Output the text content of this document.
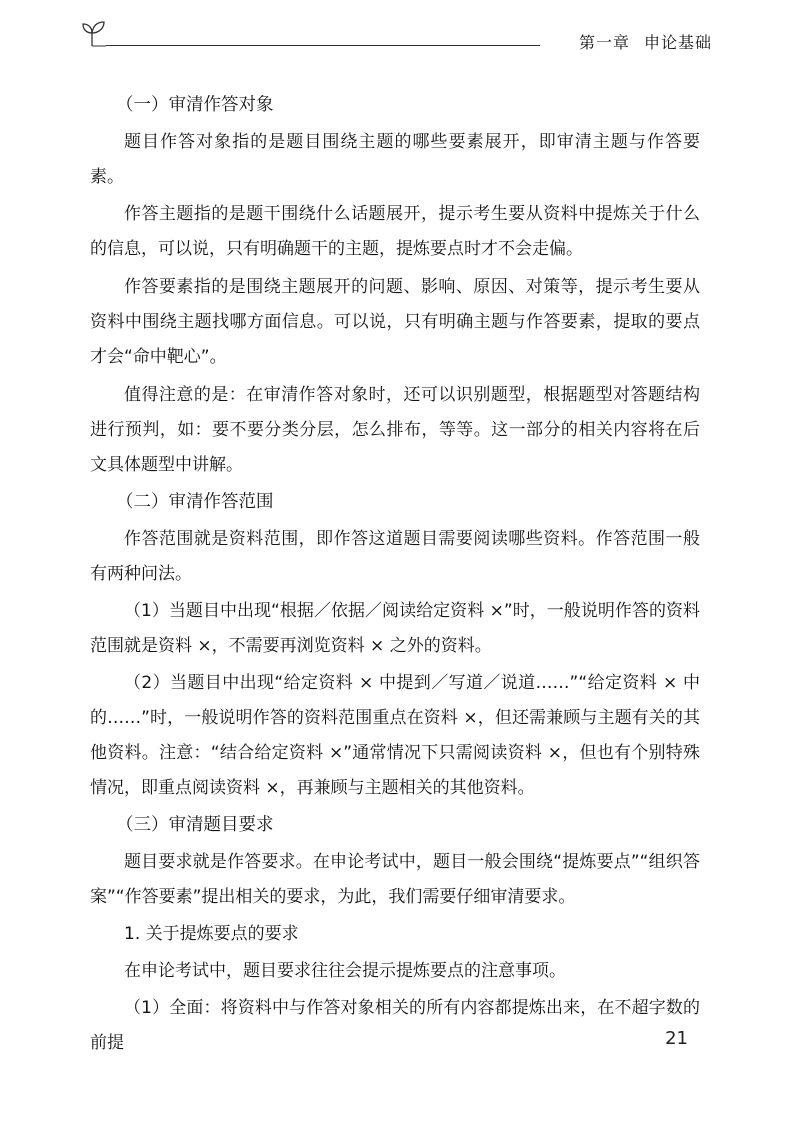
第一章 申论基础

（一）审清作答对象

题目作答对象指的是题目围绕主题的哪些要素展开，即审清主题与作答要素。

作答主题指的是题干围绕什么话题展开，提示考生要从资料中提炼关于什么的信息，可以说，只有明确题干的主题，提炼要点时才不会走偏。

作答要素指的是围绕主题展开的问题、影响、原因、对策等，提示考生要从资料中围绕主题找哪方面信息。可以说，只有明确主题与作答要素，提取的要点才会“命中靶心”。

值得注意的是：在审清作答对象时，还可以识别题型，根据题型对答题结构进行预判，如：要不要分类分层，怎么排布，等等。这一部分的相关内容将在后文具体题型中讲解。

（二）审清作答范围

作答范围就是资料范围，即作答这道题目需要阅读哪些资料。作答范围一般有两种问法。

（1）当题目中出现“根据／依据／阅读给定资料 ×”时，一般说明作答的资料范围就是资料 ×，不需要再浏览资料 × 之外的资料。

（2）当题目中出现“给定资料 × 中提到／写道／说道……”“给定资料 × 中的……”时，一般说明作答的资料范围重点在资料 ×，但还需兼顾与主题有关的其他资料。注意：“结合给定资料 ×”通常情况下只需阅读资料 ×，但也有个别特殊情况，即重点阅读资料 ×，再兼顾与主题相关的其他资料。

（三）审清题目要求

题目要求就是作答要求。在申论考试中，题目一般会围绕“提炼要点”“组织答案”“作答要素”提出相关的要求，为此，我们需要仔细审清要求。

1. 关于提炼要点的要求

在申论考试中，题目要求往往会提示提炼要点的注意事项。

（1）全面：将资料中与作答对象相关的所有内容都提炼出来，在不超字数的前提	21
